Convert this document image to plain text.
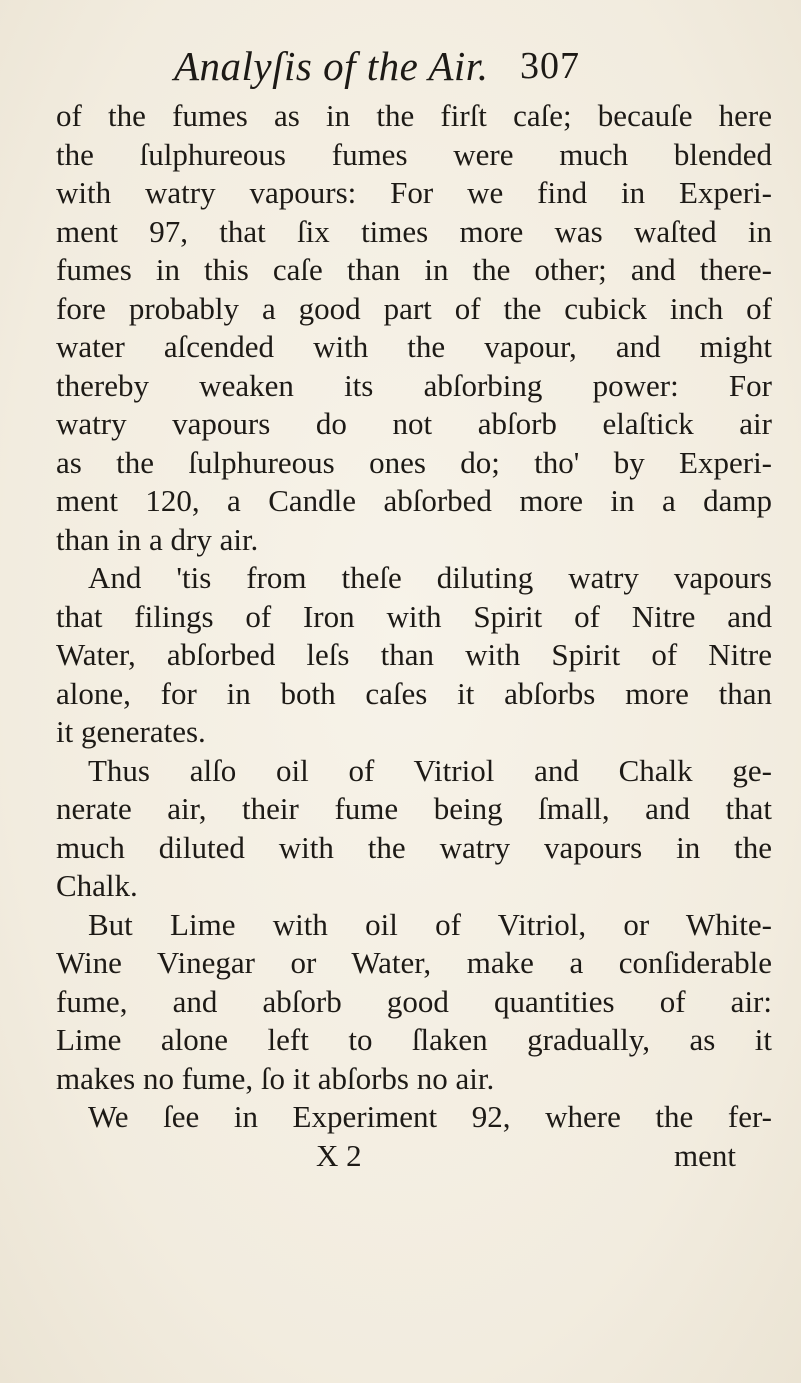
Analyſis of the Air. 307
of the fumes as in the firſt caſe; becauſe here
the ſulphureous fumes were much blended
with watry vapours: For we find in Experi-
ment 97, that ſix times more was waſted in
fumes in this caſe than in the other; and there-
fore probably a good part of the cubick inch of
water aſcended with the vapour, and might
thereby weaken its abſorbing power: For
watry vapours do not abſorb elaſtick air
as the ſulphureous ones do; tho' by Experi-
ment 120, a Candle abſorbed more in a damp
than in a dry air.
And 'tis from theſe diluting watry vapours
that filings of Iron with Spirit of Nitre and
Water, abſorbed leſs than with Spirit of Nitre
alone, for in both caſes it abſorbs more than
it generates.
Thus alſo oil of Vitriol and Chalk ge-
nerate air, their fume being ſmall, and that
much diluted with the watry vapours in the
Chalk.
But Lime with oil of Vitriol, or White-
Wine Vinegar or Water, make a conſiderable
fume, and abſorb good quantities of air:
Lime alone left to ſlaken gradually, as it
makes no fume, ſo it abſorbs no air.
We ſee in Experiment 92, where the fer-
X 2	ment
